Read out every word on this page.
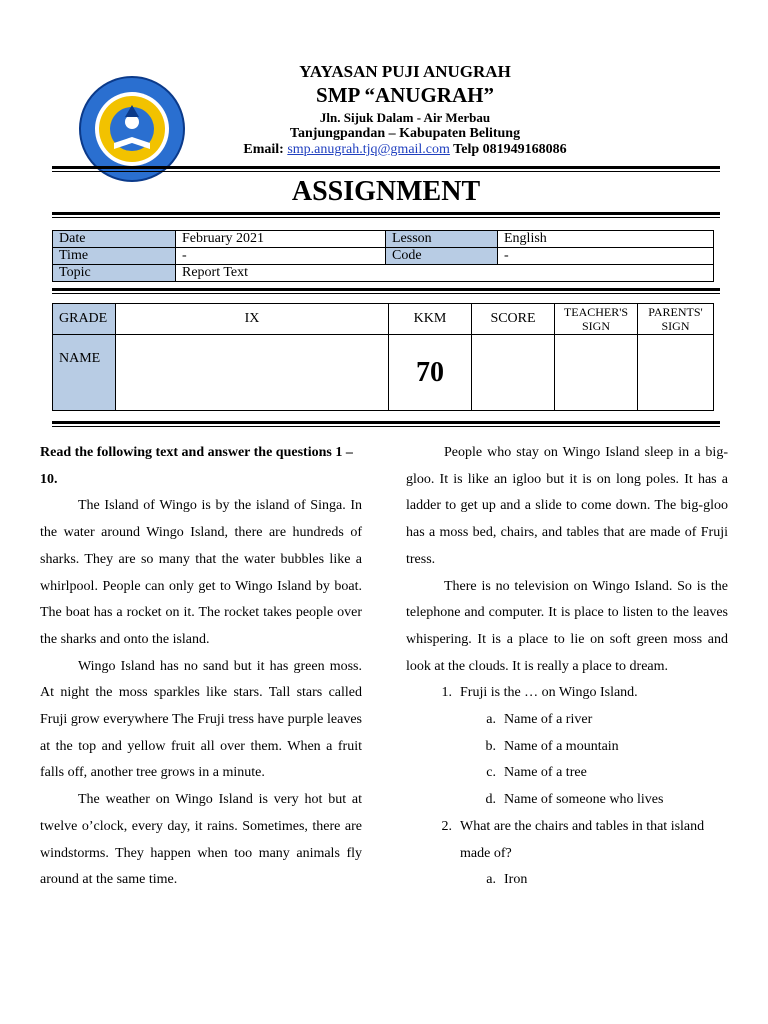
YAYASAN PUJI ANUGRAH
SMP “ANUGRAH”
Jln. Sijuk Dalam - Air Merbau
Tanjungpandan – Kabupaten Belitung
Email: smp.anugrah.tjq@gmail.com Telp 081949168086
ASSIGNMENT
Date	February 2021	Lesson	English
Time	-	Code	-
Topic	Report Text		
GRADE	IX	KKM	SCORE	TEACHER'S SIGN	PARENTS' SIGN
NAME		70			

Read the following text and answer the questions 1 – 10.

The Island of Wingo is by the island of Singa. In the water around Wingo Island, there are hundreds of sharks. They are so many that the water bubbles like a whirlpool. People can only get to Wingo Island by boat. The boat has a rocket on it. The rocket takes people over the sharks and onto the island.

Wingo Island has no sand but it has green moss. At night the moss sparkles like stars. Tall stars called Fruji grow everywhere The Fruji tress have purple leaves at the top and yellow fruit all over them. When a fruit falls off, another tree grows in a minute.

The weather on Wingo Island is very hot but at twelve o’clock, every day, it rains. Sometimes, there are windstorms. They happen when too many animals fly around at the same time.

People who stay on Wingo Island sleep in a big-gloo. It is like an igloo but it is on long poles. It has a ladder to get up and a slide to come down. The big-gloo has a moss bed, chairs, and tables that are made of Fruji tress.

There is no television on Wingo Island. So is the telephone and computer. It is place to listen to the leaves whispering. It is a place to lie on soft green moss and look at the clouds. It is really a place to dream.

1. Fruji is the … on Wingo Island.
a. Name of a river
b. Name of a mountain
c. Name of a tree
d. Name of someone who lives
2. What are the chairs and tables in that island made of?
a. Iron
